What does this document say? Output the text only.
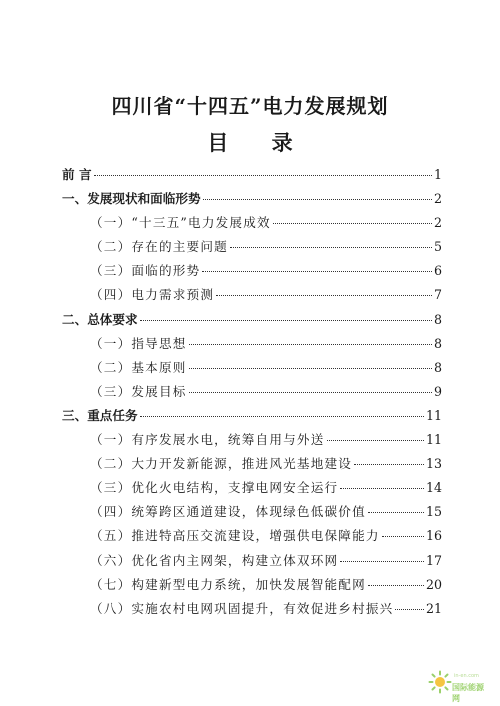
四川省“十四五”电力发展规划
目 录
前 言	1
一、发展现状和面临形势	2
（一）“十三五”电力发展成效	2
（二）存在的主要问题	5
（三）面临的形势	6
（四）电力需求预测	7
二、总体要求	8
（一）指导思想	8
（二）基本原则	8
（三）发展目标	9
三、重点任务	11
（一）有序发展水电，统筹自用与外送	11
（二）大力开发新能源，推进风光基地建设	13
（三）优化火电结构，支撑电网安全运行	14
（四）统筹跨区通道建设，体现绿色低碳价值	15
（五）推进特高压交流建设，增强供电保障能力	16
（六）优化省内主网架，构建立体双环网	17
（七）构建新型电力系统，加快发展智能配网	20
（八）实施农村电网巩固提升，有效促进乡村振兴	21
in-en.com
国际能源网
